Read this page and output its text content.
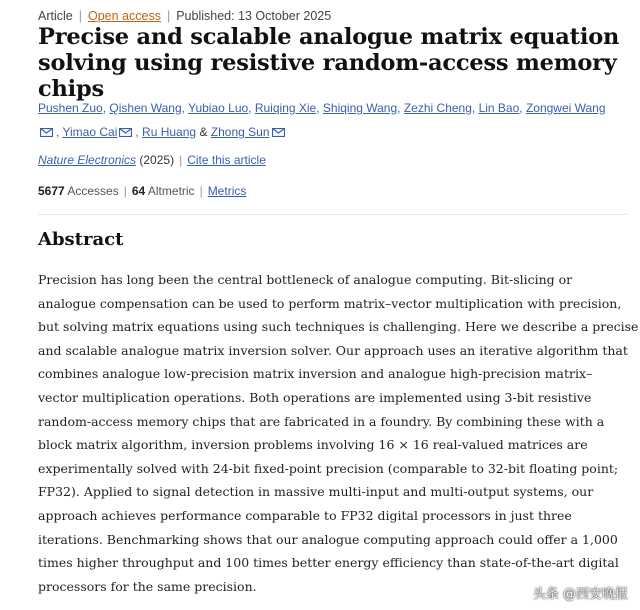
Article | Open access | Published: 13 October 2025
Precise and scalable analogue matrix equation solving using resistive random-access memory chips
Pushen Zuo, Qishen Wang, Yubiao Luo, Ruiqing Xie, Shiqing Wang, Zezhi Cheng, Lin Bao, Zongwei Wang
, Yimao Cai , Ru Huang & Zhong Sun
Nature Electronics (2025) | Cite this article
5677 Accesses | 64 Altmetric | Metrics
Abstract
Precision has long been the central bottleneck of analogue computing. Bit-slicing or
analogue compensation can be used to perform matrix–vector multiplication with precision,
but solving matrix equations using such techniques is challenging. Here we describe a precise
and scalable analogue matrix inversion solver. Our approach uses an iterative algorithm that
combines analogue low-precision matrix inversion and analogue high-precision matrix–
vector multiplication operations. Both operations are implemented using 3-bit resistive
random-access memory chips that are fabricated in a foundry. By combining these with a
block matrix algorithm, inversion problems involving 16 × 16 real-valued matrices are
experimentally solved with 24-bit fixed-point precision (comparable to 32-bit floating point;
FP32). Applied to signal detection in massive multi-input and multi-output systems, our
approach achieves performance comparable to FP32 digital processors in just three
iterations. Benchmarking shows that our analogue computing approach could offer a 1,000
times higher throughput and 100 times better energy efficiency than state-of-the-art digital
processors for the same precision.
头条 @西安晚报
